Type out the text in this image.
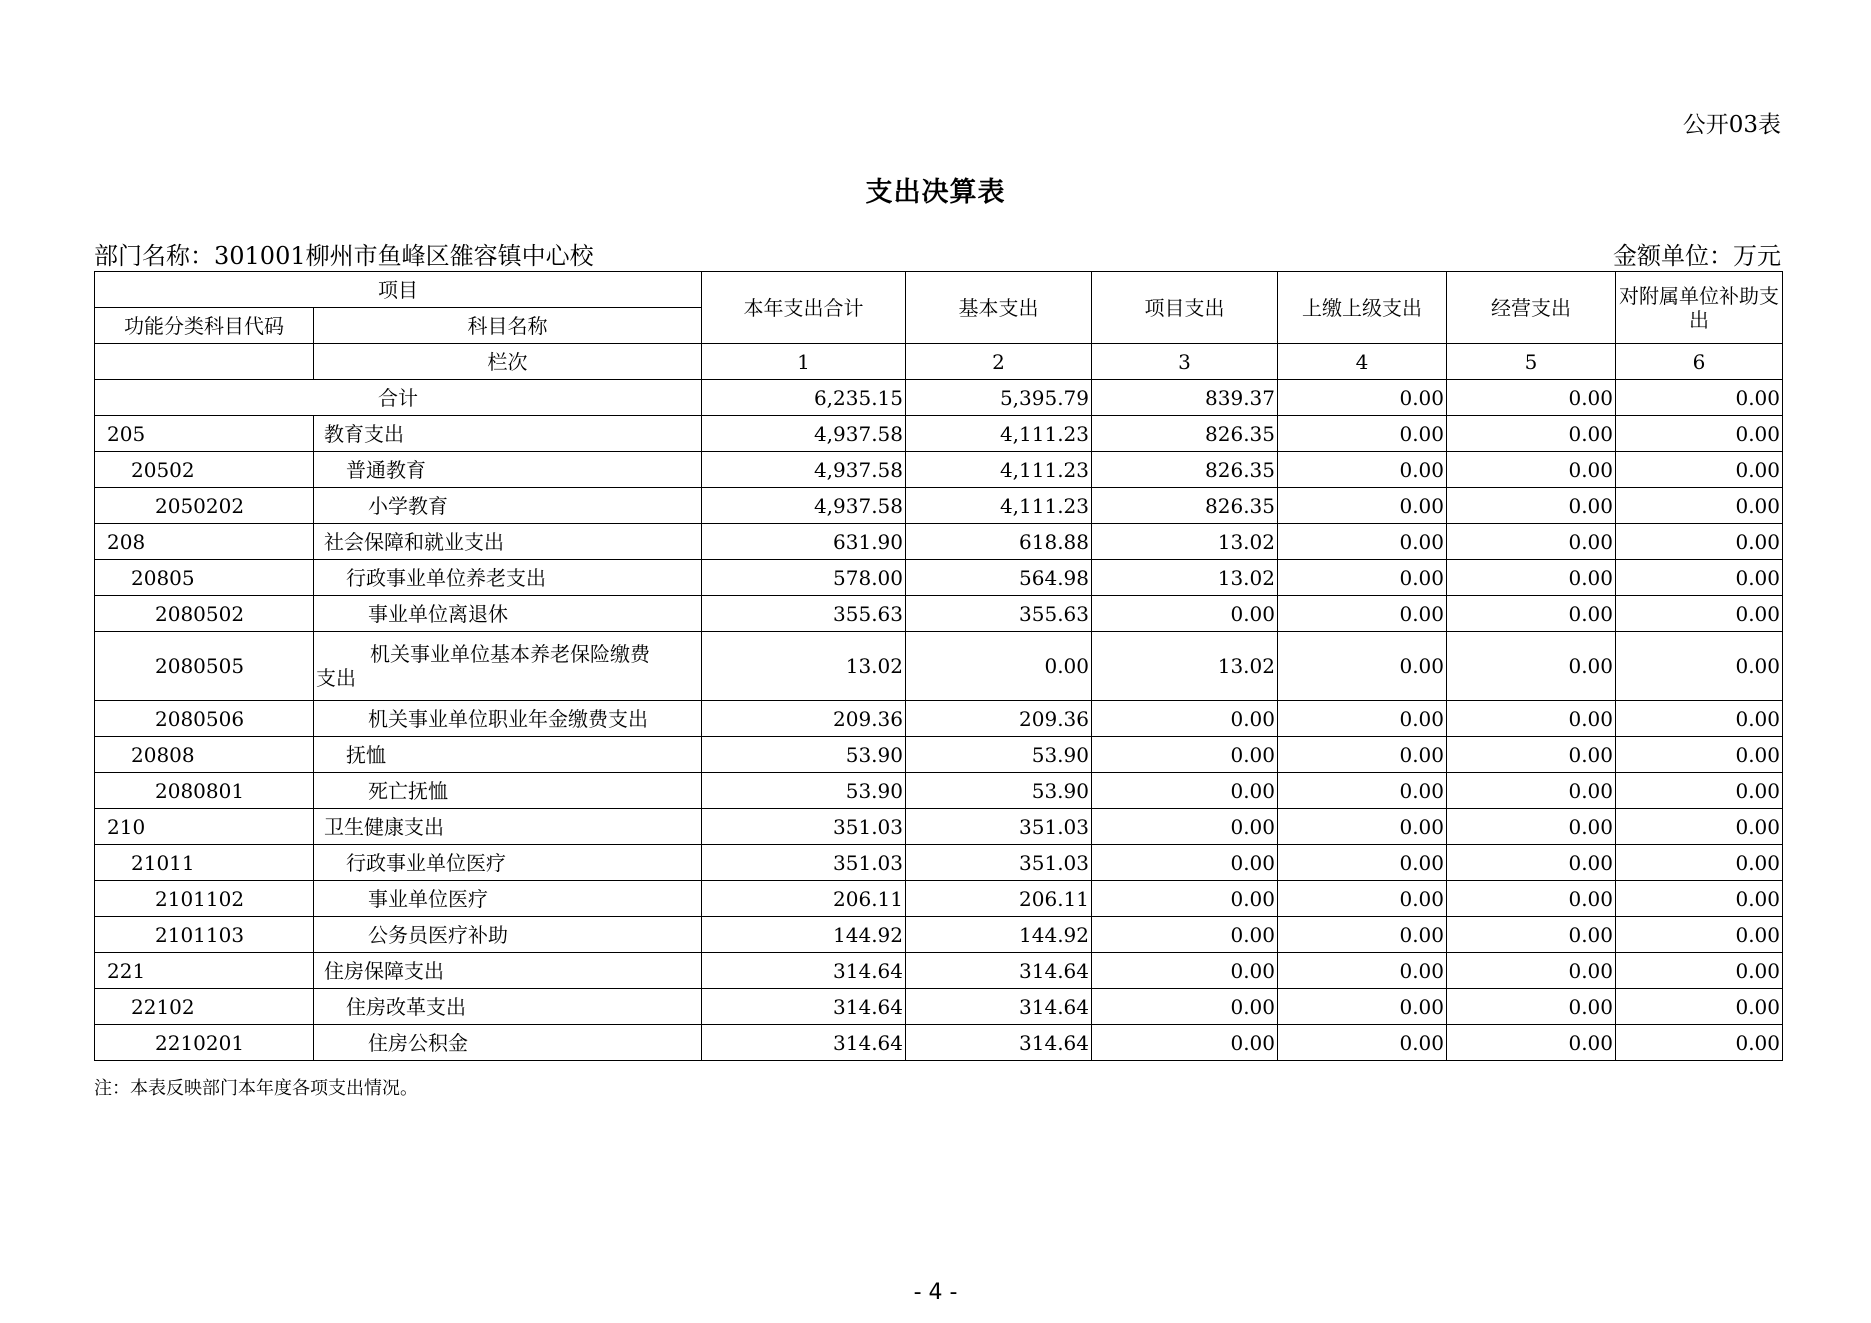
公开03表
支出决算表
部门名称：301001柳州市鱼峰区雒容镇中心校	金额单位：万元
项目		本年支出合计	基本支出	项目支出	上缴上级支出	经营支出	对附属单位补助支出
功能分类科目代码	科目名称						
	栏次	1	2	3	4	5	6
合计		6,235.15	5,395.79	839.37	0.00	0.00	0.00
205	教育支出	4,937.58	4,111.23	826.35	0.00	0.00	0.00
20502	普通教育	4,937.58	4,111.23	826.35	0.00	0.00	0.00
2050202	小学教育	4,937.58	4,111.23	826.35	0.00	0.00	0.00
208	社会保障和就业支出	631.90	618.88	13.02	0.00	0.00	0.00
20805	行政事业单位养老支出	578.00	564.98	13.02	0.00	0.00	0.00
2080502	事业单位离退休	355.63	355.63	0.00	0.00	0.00	0.00
2080505	机关事业单位基本养老保险缴费
支出	13.02	0.00	13.02	0.00	0.00	0.00
2080506	机关事业单位职业年金缴费支出	209.36	209.36	0.00	0.00	0.00	0.00
20808	抚恤	53.90	53.90	0.00	0.00	0.00	0.00
2080801	死亡抚恤	53.90	53.90	0.00	0.00	0.00	0.00
210	卫生健康支出	351.03	351.03	0.00	0.00	0.00	0.00
21011	行政事业单位医疗	351.03	351.03	0.00	0.00	0.00	0.00
2101102	事业单位医疗	206.11	206.11	0.00	0.00	0.00	0.00
2101103	公务员医疗补助	144.92	144.92	0.00	0.00	0.00	0.00
221	住房保障支出	314.64	314.64	0.00	0.00	0.00	0.00
22102	住房改革支出	314.64	314.64	0.00	0.00	0.00	0.00
2210201	住房公积金	314.64	314.64	0.00	0.00	0.00	0.00
注：本表反映部门本年度各项支出情况。
- 4 -
